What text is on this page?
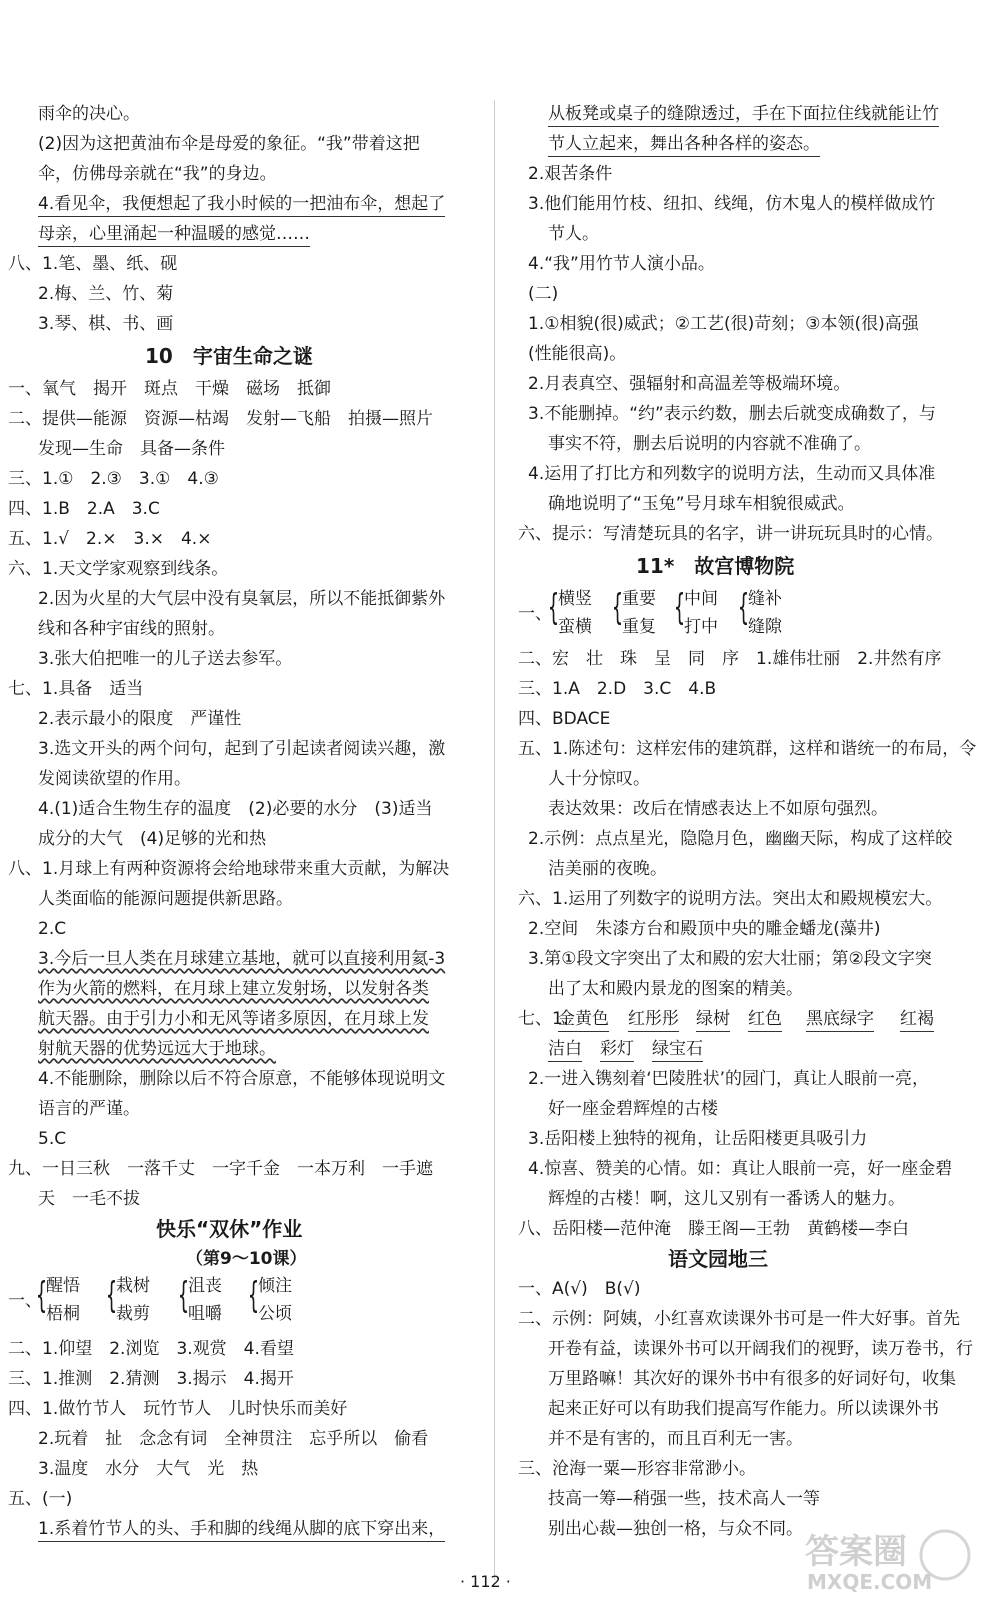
雨伞的决心。
(2)因为这把黄油布伞是母爱的象征。“我”带着这把
伞，仿佛母亲就在“我”的身边。
4.看见伞，我便想起了我小时候的一把油布伞，想起了
母亲，心里涌起一种温暖的感觉……
八、1.笔、墨、纸、砚
2.梅、兰、竹、菊
3.琴、棋、书、画
10　宇宙生命之谜
一、氧气　揭开　斑点　干燥　磁场　抵御
二、提供—能源　资源—枯竭　发射—飞船　拍摄—照片
发现—生命　具备—条件
三、1.①　2.③　3.①　4.③
四、1.B　2.A　3.C
五、1.√　2.×　3.×　4.×
六、1.天文学家观察到线条。
2.因为火星的大气层中没有臭氧层，所以不能抵御紫外
线和各种宇宙线的照射。
3.张大伯把唯一的儿子送去参军。
七、1.具备　适当
2.表示最小的限度　严谨性
3.选文开头的两个问句，起到了引起读者阅读兴趣，激
发阅读欲望的作用。
4.(1)适合生物生存的温度　(2)必要的水分　(3)适当
成分的大气　(4)足够的光和热
八、1.月球上有两种资源将会给地球带来重大贡献，为解决
人类面临的能源问题提供新思路。
2.C
3.今后一旦人类在月球建立基地，就可以直接利用氦-3
作为火箭的燃料，在月球上建立发射场，以发射各类
航天器。由于引力小和无风等诸多原因，在月球上发
射航天器的优势远远大于地球。
4.不能删除，删除以后不符合原意，不能够体现说明文
语言的严谨。
5.C
九、一日三秋　一落千丈　一字千金　一本万利　一手遮
天　一毛不拔
快乐“双休”作业
（第9～10课）
一、
{
醒悟
梧桐 {
栽树
裁剪 {
沮丧
咀嚼 {
倾注
公顷
二、1.仰望　2.浏览　3.观赏　4.看望
三、1.推测　2.猜测　3.揭示　4.揭开
四、1.做竹节人　玩竹节人　儿时快乐而美好
2.玩着　扯　念念有词　全神贯注　忘乎所以　偷看
3.温度　水分　大气　光　热
五、(一)
1.系着竹节人的头、手和脚的线绳从脚的底下穿出来，
从板凳或桌子的缝隙透过，手在下面拉住线就能让竹
节人立起来，舞出各种各样的姿态。
2.艰苦条件
3.他们能用竹枝、纽扣、线绳，仿木鬼人的模样做成竹
节人。
4.“我”用竹节人演小品。
(二)
1.①相貌(很)威武；②工艺(很)苛刻；③本领(很)高强
(性能很高)。
2.月表真空、强辐射和高温差等极端环境。
3.不能删掉。“约”表示约数，删去后就变成确数了，与
事实不符，删去后说明的内容就不准确了。
4.运用了打比方和列数字的说明方法，生动而又具体准
确地说明了“玉兔”号月球车相貌很威武。
六、提示：写清楚玩具的名字，讲一讲玩玩具时的心情。
11*　故宫博物院
一、
{
横竖
蛮横 {
重要
重复 {
中间
打中 {
缝补
缝隙
二、宏　壮　珠　呈　同　序　1.雄伟壮丽　2.井然有序
三、1.A　2.D　3.C　4.B
四、BDACE
五、1.陈述句：这样宏伟的建筑群，这样和谐统一的布局，令
人十分惊叹。
表达效果：改后在情感表达上不如原句强烈。
2.示例：点点星光，隐隐月色，幽幽天际，构成了这样皎
洁美丽的夜晚。
六、1.运用了列数字的说明方法。突出太和殿规模宏大。
2.空间　朱漆方台和殿顶中央的雕金蟠龙(藻井)
3.第①段文字突出了太和殿的宏大壮丽；第②段文字突
出了太和殿内景龙的图案的精美。
七、1.
金黄色 红彤彤 绿树 红色 黑底绿字 红褐
洁白 彩灯 绿宝石
2.一进入镌刻着‘巴陵胜状’的园门，真让人眼前一亮，
好一座金碧辉煌的古楼
3.岳阳楼上独特的视角，让岳阳楼更具吸引力
4.惊喜、赞美的心情。如：真让人眼前一亮，好一座金碧
辉煌的古楼！啊，这儿又别有一番诱人的魅力。
八、岳阳楼—范仲淹　滕王阁—王勃　黄鹤楼—李白
语文园地三
一、A(√)　B(√)
二、示例：阿姨，小红喜欢读课外书可是一件大好事。首先
开卷有益，读课外书可以开阔我们的视野，读万卷书，行
万里路嘛！其次好的课外书中有很多的好词好句，收集
起来正好可以有助我们提高写作能力。所以读课外书
并不是有害的，而且百利无一害。
三、沧海一粟—形容非常渺小。
技高一筹—稍强一些，技术高人一等
别出心裁—独创一格，与众不同。
· 112 ·
答案圈
MXQE.COM
